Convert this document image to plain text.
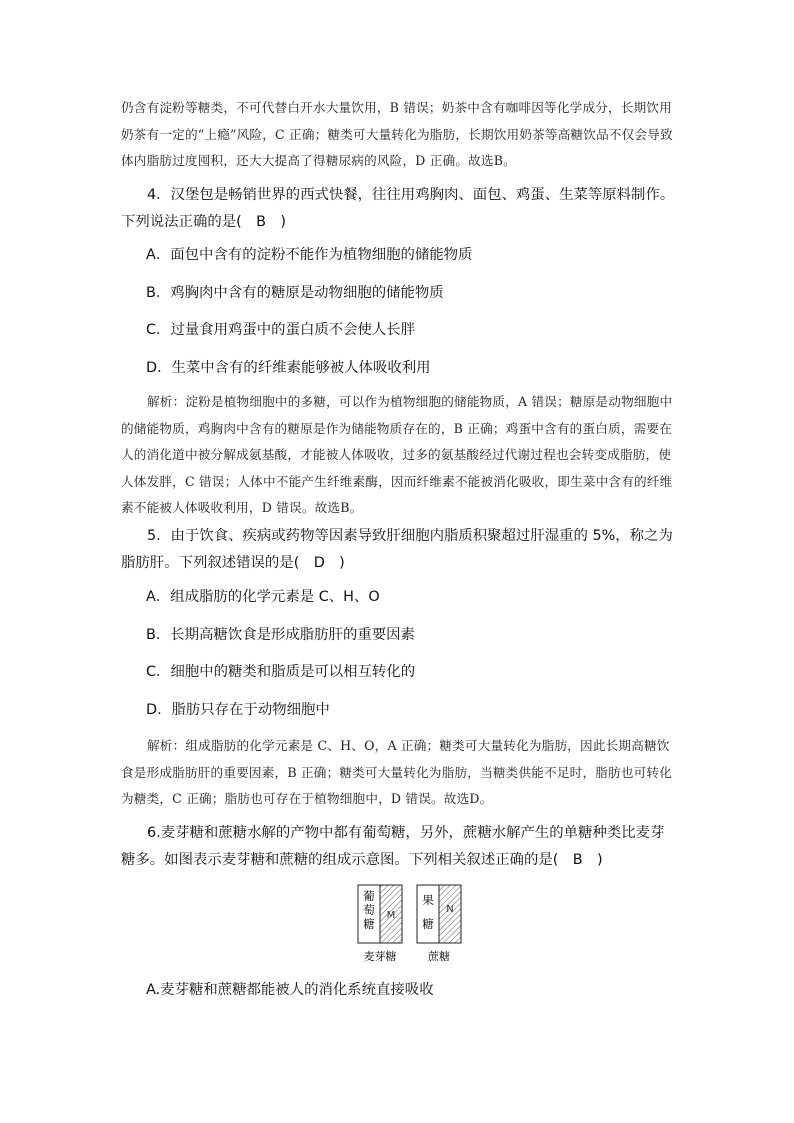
仍含有淀粉等糖类，不可代替白开水大量饮用，B 错误；奶茶中含有咖啡因等化学成分，长期饮用奶茶有一定的“上瘾”风险，C 正确；糖类可大量转化为脂肪，长期饮用奶茶等高糖饮品不仅会导致体内脂肪过度囤积，还大大提高了得糖尿病的风险，D 正确。故选B。

4．汉堡包是畅销世界的西式快餐，往往用鸡胸肉、面包、鸡蛋、生菜等原料制作。下列说法正确的是(　B　)

A．面包中含有的淀粉不能作为植物细胞的储能物质

B．鸡胸肉中含有的糖原是动物细胞的储能物质

C．过量食用鸡蛋中的蛋白质不会使人长胖

D．生菜中含有的纤维素能够被人体吸收利用

解析：淀粉是植物细胞中的多糖，可以作为植物细胞的储能物质，A 错误；糖原是动物细胞中的储能物质，鸡胸肉中含有的糖原是作为储能物质存在的，B 正确；鸡蛋中含有的蛋白质，需要在人的消化道中被分解成氨基酸，才能被人体吸收，过多的氨基酸经过代谢过程也会转变成脂肪，使人体发胖，C 错误；人体中不能产生纤维素酶，因而纤维素不能被消化吸收，即生菜中含有的纤维素不能被人体吸收利用，D 错误。故选B。

5．由于饮食、疾病或药物等因素导致肝细胞内脂质积聚超过肝湿重的 5%，称之为脂肪肝。下列叙述错误的是(　D　)

A．组成脂肪的化学元素是 C、H、O

B．长期高糖饮食是形成脂肪肝的重要因素

C．细胞中的糖类和脂质是可以相互转化的

D．脂肪只存在于动物细胞中

解析：组成脂肪的化学元素是 C、H、O，A 正确；糖类可大量转化为脂肪，因此长期高糖饮食是形成脂肪肝的重要因素，B 正确；糖类可大量转化为脂肪，当糖类供能不足时，脂肪也可转化为糖类，C 正确；脂肪也可存在于植物细胞中，D 错误。故选D。

6.麦芽糖和蔗糖水解的产物中都有葡萄糖，另外，蔗糖水解产生的单糖种类比麦芽糖多。如图表示麦芽糖和蔗糖的组成示意图。下列相关叙述正确的是(　B　)

葡萄糖
M
麦芽糖
果糖
N
蔗糖

A.麦芽糖和蔗糖都能被人的消化系统直接吸收
